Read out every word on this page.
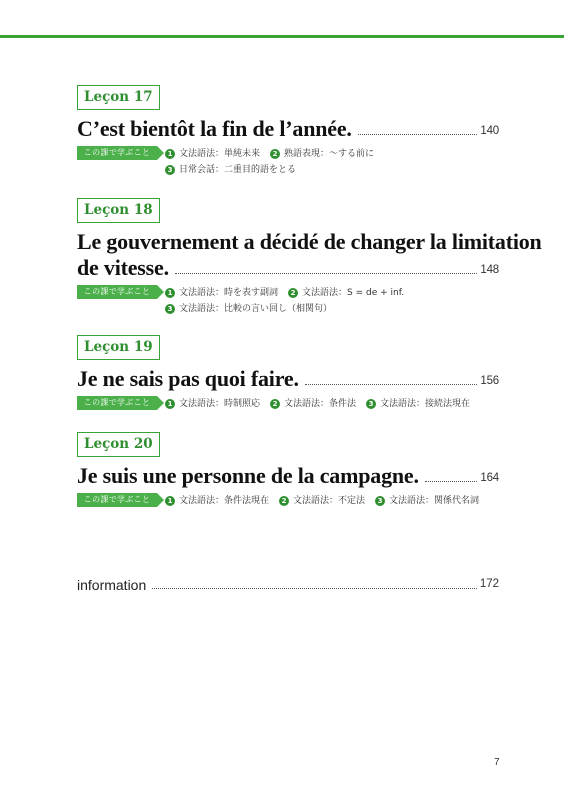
Leçon 17
C’est bientôt la fin de l’année.	140
この課で学ぶこと	1 文法語法：単純未来	2 熟語表現：～する前に
3 日常会話：二重目的語をとる
Leçon 18
Le gouvernement a décidé de changer la limitation
de vitesse.	148
この課で学ぶこと	1 文法語法：時を表す副詞	2 文法語法：S = de + inf.
3 文法語法：比較の言い回し（相関句）
Leçon 19
Je ne sais pas quoi faire.	156
この課で学ぶこと	1 文法語法：時制照応	2 文法語法：条件法	3 文法語法：接続法現在
Leçon 20
Je suis une personne de la campagne.	164
この課で学ぶこと	1 文法語法：条件法現在	2 文法語法：不定法	3 文法語法：関係代名詞
information	172
7
